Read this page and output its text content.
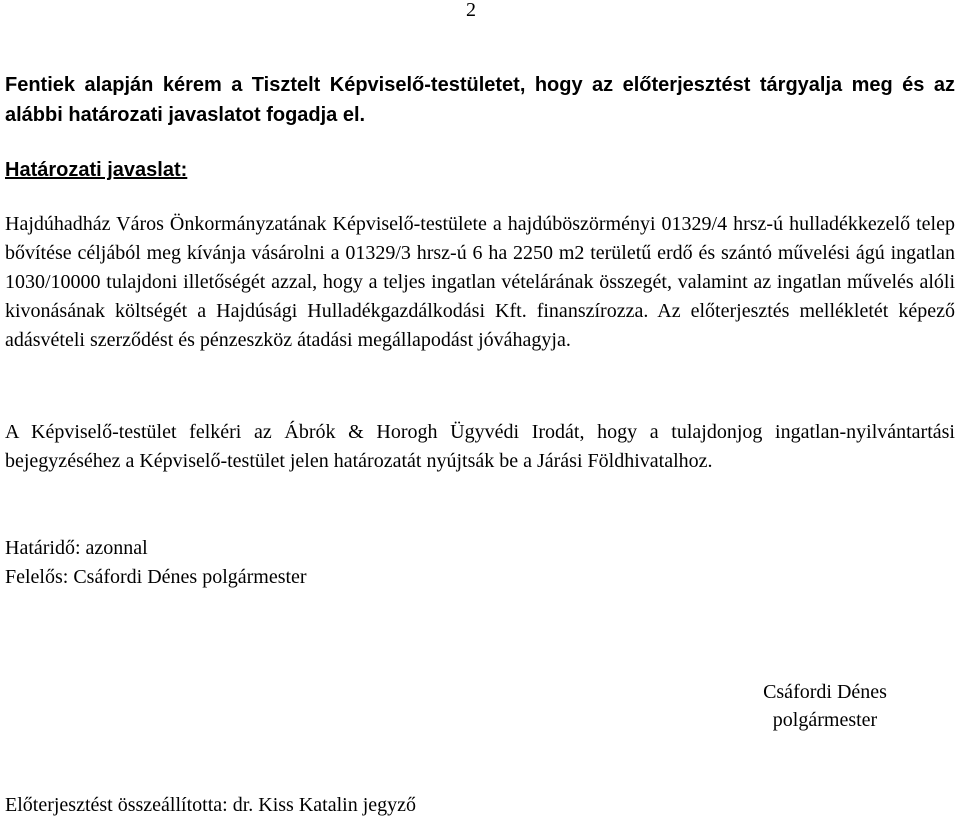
2
Fentiek alapján kérem a Tisztelt Képviselő-testületet, hogy az előterjesztést tárgyalja meg és az alábbi határozati javaslatot fogadja el.
Határozati javaslat:
Hajdúhadház Város Önkormányzatának Képviselő-testülete a hajdúböszörményi 01329/4 hrsz-ú hulladékkezelő telep bővítése céljából meg kívánja vásárolni a 01329/3 hrsz-ú 6 ha 2250 m2 területű erdő és szántó művelési ágú ingatlan 1030/10000 tulajdoni illetőségét azzal, hogy a teljes ingatlan vételárának összegét, valamint az ingatlan művelés alóli kivonásának költségét a Hajdúsági Hulladékgazdálkodási Kft. finanszírozza. Az előterjesztés mellékletét képező adásvételi szerződést és pénzeszköz átadási megállapodást jóváhagyja.
A Képviselő-testület felkéri az Ábrók & Horogh Ügyvédi Irodát, hogy a tulajdonjog ingatlan-nyilvántartási bejegyzéséhez a Képviselő-testület jelen határozatát nyújtsák be a Járási Földhivatalhoz.
Határidő: azonnal
Felelős: Csáfordi Dénes polgármester
Csáfordi Dénes
polgármester
Előterjesztést összeállította: dr. Kiss Katalin jegyző
